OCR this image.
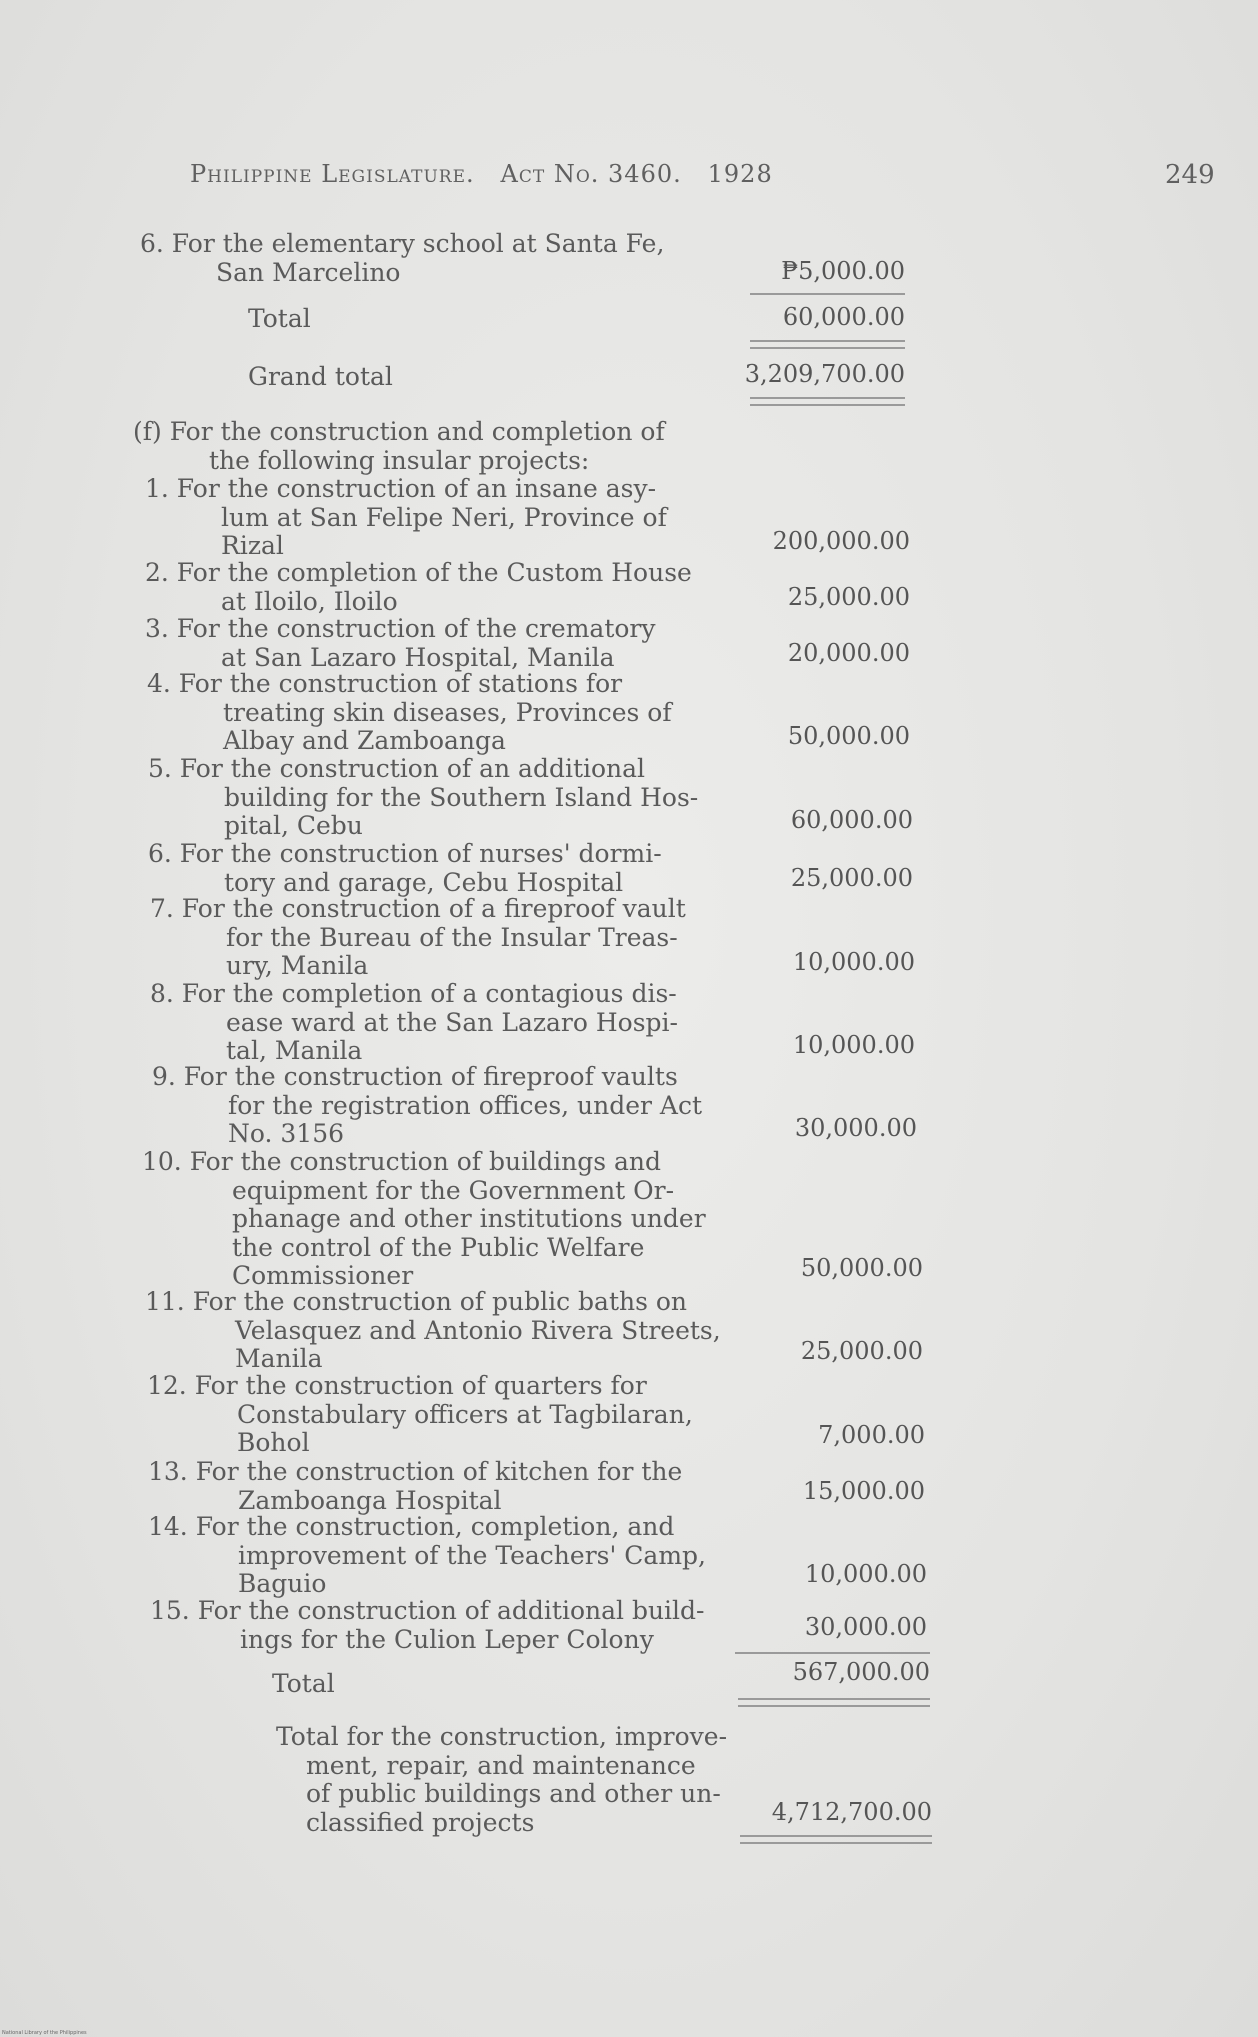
Philippine Legislature. Act No. 3460. 1928	249
6. For the elementary school at Santa Fe,
San Marcelino	₱5,000.00
Total	60,000.00
Grand total	3,209,700.00
(f) For the construction and completion of
the following insular projects:
1. For the construction of an insane asy-
lum at San Felipe Neri, Province of
Rizal	200,000.00
2. For the completion of the Custom House
at Iloilo, Iloilo	25,000.00
3. For the construction of the crematory
at San Lazaro Hospital, Manila	20,000.00
4. For the construction of stations for
treating skin diseases, Provinces of
Albay and Zamboanga	50,000.00
5. For the construction of an additional
building for the Southern Island Hos-
pital, Cebu	60,000.00
6. For the construction of nurses' dormi-
tory and garage, Cebu Hospital	25,000.00
7. For the construction of a fireproof vault
for the Bureau of the Insular Treas-
ury, Manila	10,000.00
8. For the completion of a contagious dis-
ease ward at the San Lazaro Hospi-
tal, Manila	10,000.00
9. For the construction of fireproof vaults
for the registration offices, under Act
No. 3156	30,000.00
10. For the construction of buildings and
equipment for the Government Or-
phanage and other institutions under
the control of the Public Welfare
Commissioner	50,000.00
11. For the construction of public baths on
Velasquez and Antonio Rivera Streets,
Manila	25,000.00
12. For the construction of quarters for
Constabulary officers at Tagbilaran,
Bohol	7,000.00
13. For the construction of kitchen for the
Zamboanga Hospital	15,000.00
14. For the construction, completion, and
improvement of the Teachers' Camp,
Baguio	10,000.00
15. For the construction of additional build-
ings for the Culion Leper Colony	30,000.00
Total	567,000.00
Total for the construction, improve-
ment, repair, and maintenance
of public buildings and other un-
classified projects	4,712,700.00
National Library of the Philippines
